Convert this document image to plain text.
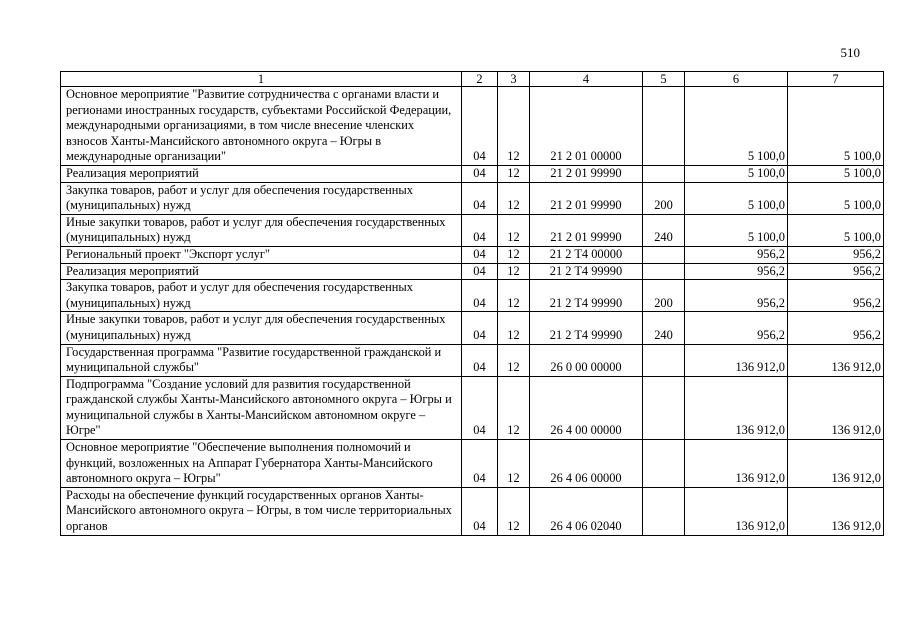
510
1	2	3	4	5	6	7
Основное мероприятие "Развитие сотрудничества с органами власти и регионами иностранных государств, субъектами Российской Федерации, международными организациями, в том числе внесение членских взносов Ханты-Мансийского автономного округа – Югры в международные организации"	04	12	21 2 01 00000		5 100,0	5 100,0
Реализация мероприятий	04	12	21 2 01 99990		5 100,0	5 100,0
Закупка товаров, работ и услуг для обеспечения государственных (муниципальных) нужд	04	12	21 2 01 99990	200	5 100,0	5 100,0
Иные закупки товаров, работ и услуг для обеспечения государственных (муниципальных) нужд	04	12	21 2 01 99990	240	5 100,0	5 100,0
Региональный проект "Экспорт услуг"	04	12	21 2 T4 00000		956,2	956,2
Реализация мероприятий	04	12	21 2 T4 99990		956,2	956,2
Закупка товаров, работ и услуг для обеспечения государственных (муниципальных) нужд	04	12	21 2 T4 99990	200	956,2	956,2
Иные закупки товаров, работ и услуг для обеспечения государственных (муниципальных) нужд	04	12	21 2 T4 99990	240	956,2	956,2
Государственная программа "Развитие государственной гражданской и муниципальной службы"	04	12	26 0 00 00000		136 912,0	136 912,0
Подпрограмма "Создание условий для развития государственной гражданской службы Ханты-Мансийского автономного округа – Югры и муниципальной службы в Ханты-Мансийском автономном округе – Югре"	04	12	26 4 00 00000		136 912,0	136 912,0
Основное мероприятие "Обеспечение выполнения полномочий и функций, возложенных на Аппарат Губернатора Ханты-Мансийского автономного округа – Югры"	04	12	26 4 06 00000		136 912,0	136 912,0
Расходы на обеспечение функций государственных органов Ханты-Мансийского автономного округа – Югры, в том числе территориальных органов	04	12	26 4 06 02040		136 912,0	136 912,0
